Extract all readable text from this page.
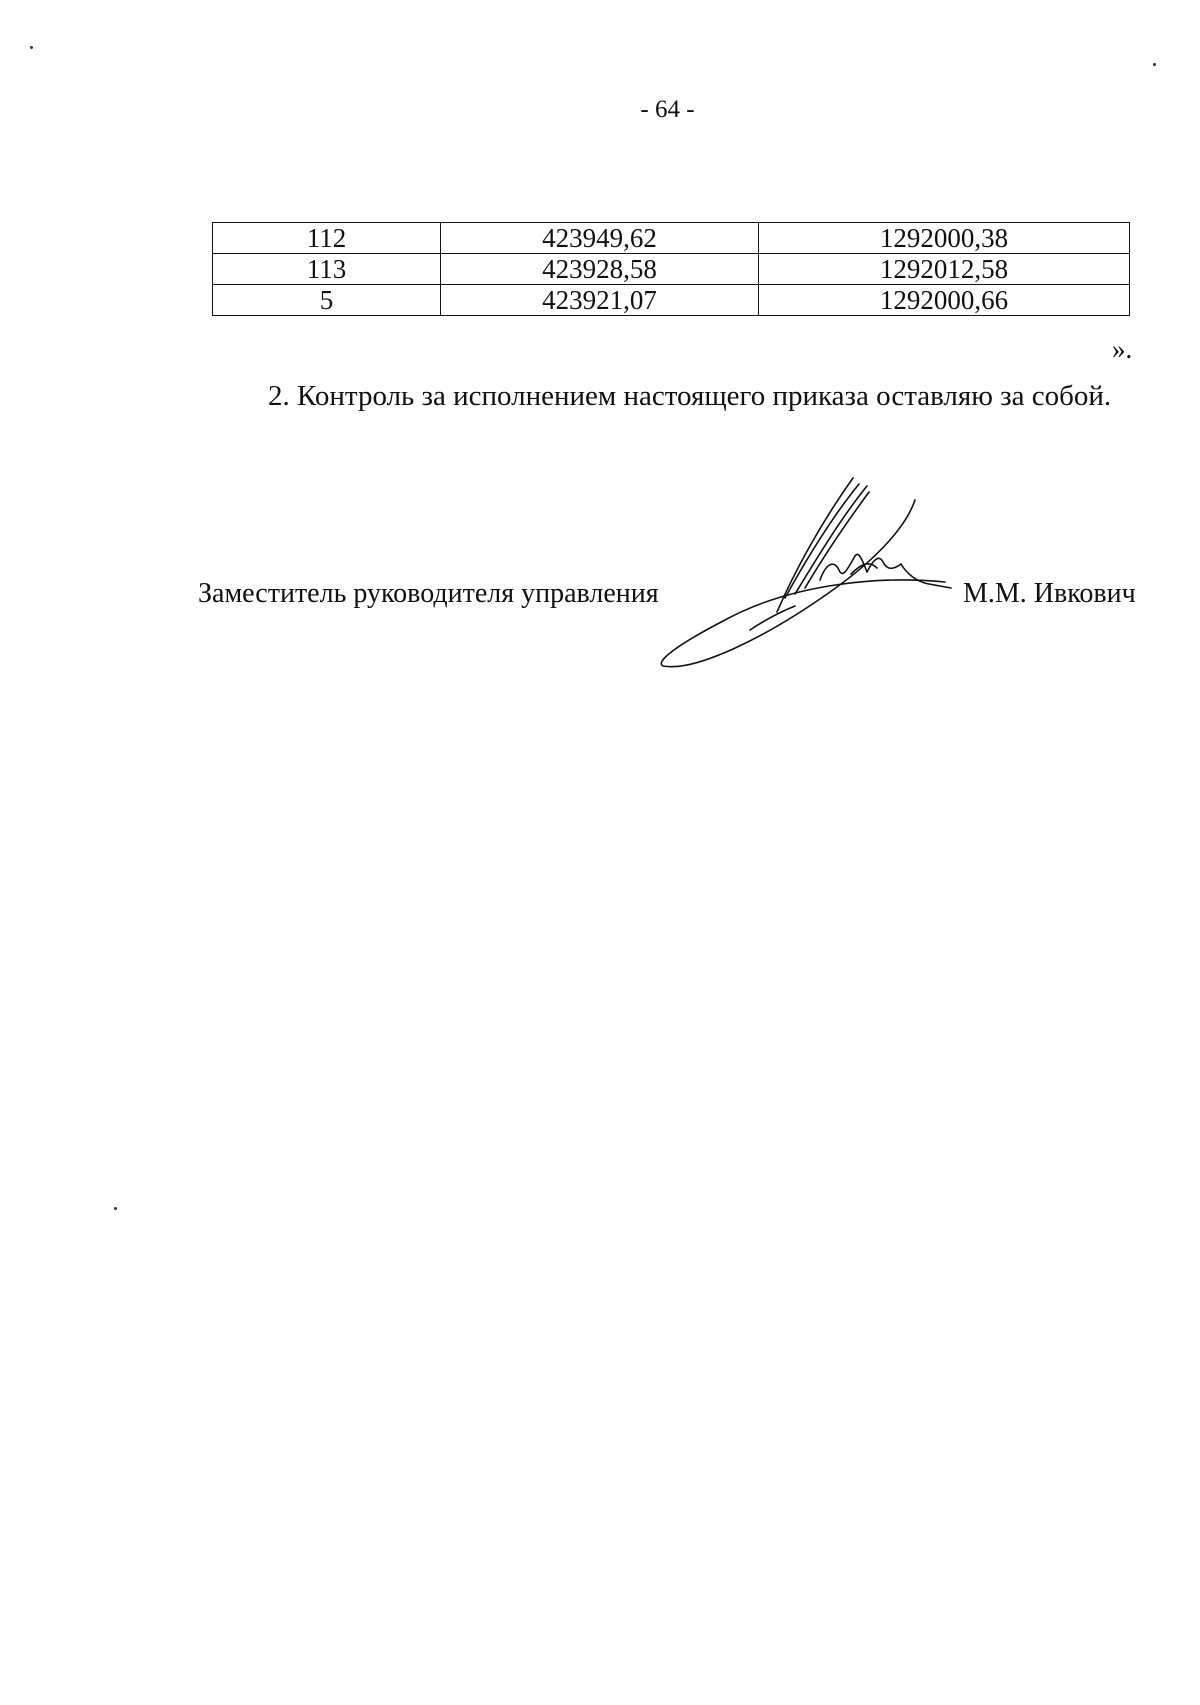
- 64 -
112	423949,62	1292000,38
113	423928,58	1292012,58
5	423921,07	1292000,66
».
2. Контроль за исполнением настоящего приказа оставляю за собой.
Заместитель руководителя управления	М.М. Ивкович
